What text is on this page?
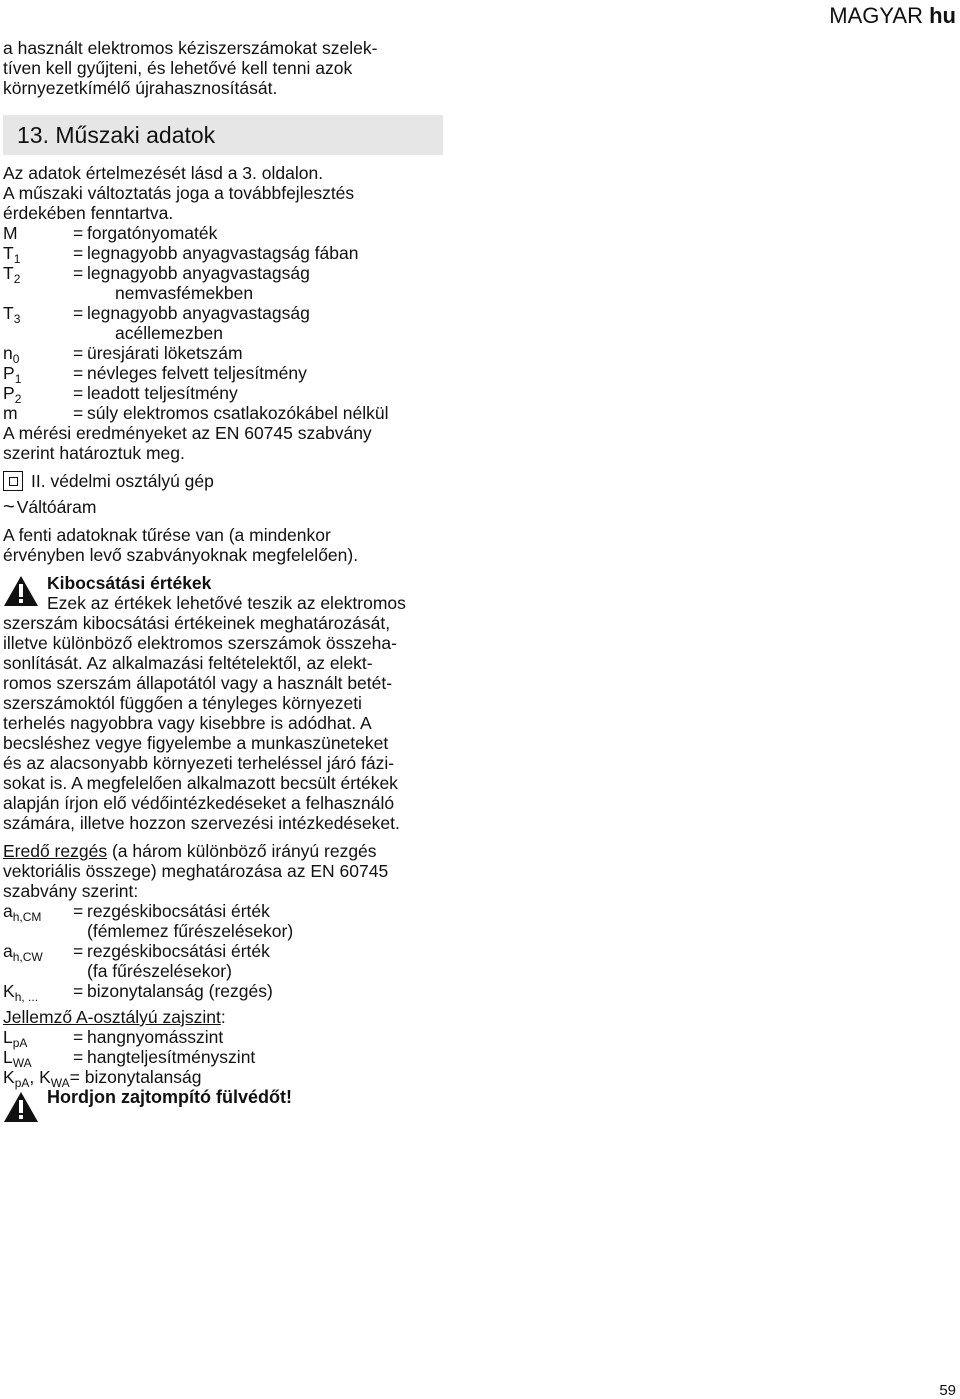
MAGYAR hu

a használt elektromos kéziszerszámokat szelek-
tíven kell gyűjteni, és lehetővé kell tenni azok
környezetkímélő újrahasznosítását.

13. Műszaki adatok

Az adatok értelmezését lásd a 3. oldalon.
A műszaki változtatás joga a továbbfejlesztés
érdekében fenntartva.

M	= forgatónyomaték
$T_1$	= legnagyobb anyagvastagság fában
$T_2$	= legnagyobb anyagvastagság
nemvasfémekben
$T_3$	= legnagyobb anyagvastagság
acéllemezben
$n_0$	= üresjárati löketszám
$P_1$	= névleges felvett teljesítmény
$P_2$	= leadott teljesítmény
m	= súly elektromos csatlakozókábel nélkül

A mérési eredményeket az EN 60745 szabvány
szerint határoztuk meg.

II. védelmi osztályú gép
~ Váltóáram

A fenti adatoknak tűrése van (a mindenkor
érvényben levő szabványoknak megfelelően).

Kibocsátási értékek
Ezek az értékek lehetővé teszik az elektromos
szerszám kibocsátási értékeinek meghatározását,
illetve különböző elektromos szerszámok összeha-
sonlítását. Az alkalmazási feltételektől, az elekt-
romos szerszám állapotától vagy a használt betét-
szerszámoktól függően a tényleges környezeti
terhelés nagyobbra vagy kisebbre is adódhat. A
becsléshez vegye figyelembe a munkaszüneteket
és az alacsonyabb környezeti terheléssel járó fázi-
sokat is. A megfelelően alkalmazott becsült értékek
alapján írjon elő védőintézkedéseket a felhasználó
számára, illetve hozzon szervezési intézkedéseket.

Eredő rezgés (a három különböző irányú rezgés
vektoriális összege) meghatározása az EN 60745
szabvány szerint:

$a_{h,CM}$	= rezgéskibocsátási érték
(fémlemez fűrészelésekor)
$a_{h,CW}$	= rezgéskibocsátási érték
(fa fűrészelésekor)
$K_{h, ...}$	= bizonytalanság (rezgés)

Jellemző A-osztályú zajszint:

$L_{pA}$	= hangnyomásszint
$L_{WA}$	= hangteljesítményszint
$K_{pA}$, $K_{WA}=$ bizonytalanság
Hordjon zajtompító fülvédőt!
59
